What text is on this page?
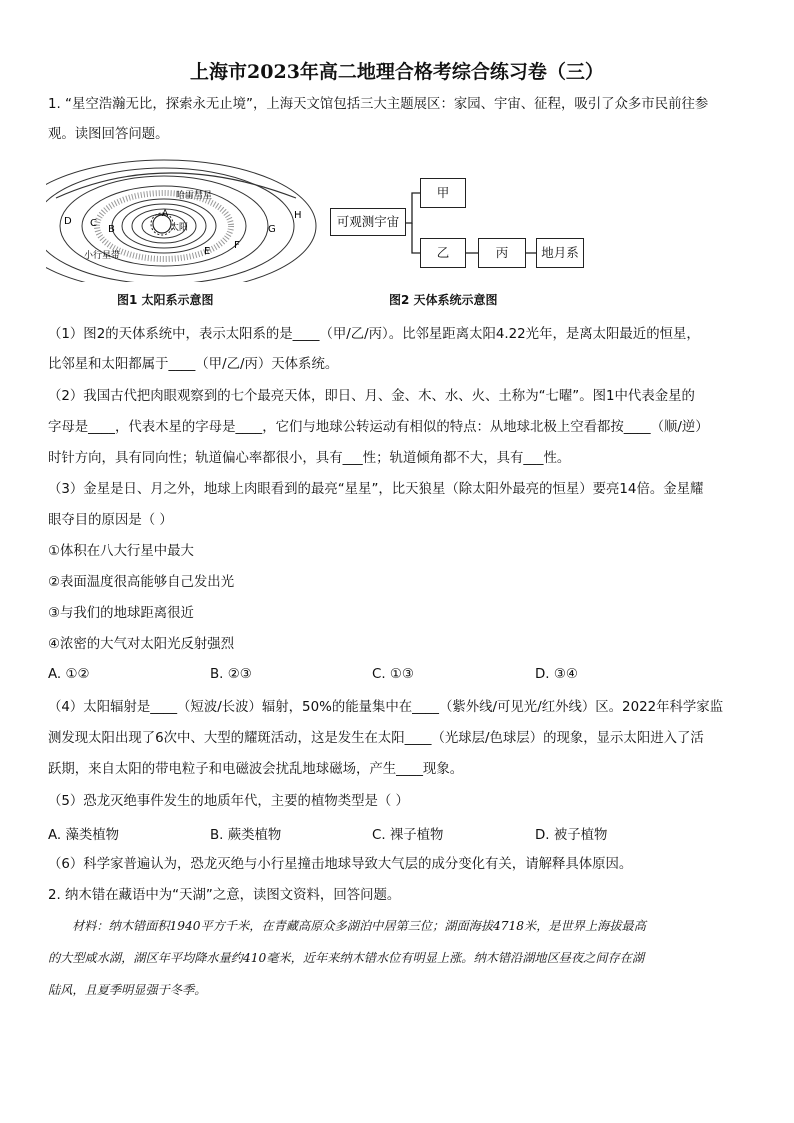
上海市2023年高二地理合格考综合练习卷（三）
1. “星空浩瀚无比，探索永无止境”，上海天文馆包括三大主题展区：家园、宇宙、征程，吸引了众多市民前往参
观。读图回答问题。
太阳
哈雷彗星
小行星带
A
B
C
D
E
F
G
H
图1 太阳系示意图
可观测宇宙
甲
乙	丙	地月系
图2 天体系统示意图
（1）图2的天体系统中，表示太阳系的是____（甲/乙/丙）。比邻星距离太阳4.22光年，是离太阳最近的恒星，
比邻星和太阳都属于____（甲/乙/丙）天体系统。
（2）我国古代把肉眼观察到的七个最亮天体，即日、月、金、木、水、火、土称为“七曜”。图1中代表金星的
字母是____，代表木星的字母是____，它们与地球公转运动有相似的特点：从地球北极上空看都按____（顺/逆）
时针方向，具有同向性；轨道偏心率都很小，具有___性；轨道倾角都不大，具有___性。
（3）金星是日、月之外，地球上肉眼看到的最亮“星星”，比天狼星（除太阳外最亮的恒星）要亮14倍。金星耀
眼夺目的原因是（ ）
①体积在八大行星中最大
②表面温度很高能够自己发出光
③与我们的地球距离很近
④浓密的大气对太阳光反射强烈
A. ①②	B. ②③	C. ①③	D. ③④
（4）太阳辐射是____（短波/长波）辐射，50%的能量集中在____（紫外线/可见光/红外线）区。2022年科学家监
测发现太阳出现了6次中、大型的耀斑活动，这是发生在太阳____（光球层/色球层）的现象，显示太阳进入了活
跃期，来自太阳的带电粒子和电磁波会扰乱地球磁场，产生____现象。
（5）恐龙灭绝事件发生的地质年代，主要的植物类型是（ ）
A. 藻类植物	B. 蕨类植物	C. 裸子植物	D. 被子植物
（6）科学家普遍认为，恐龙灭绝与小行星撞击地球导致大气层的成分变化有关，请解释具体原因。
2. 纳木错在藏语中为“天湖”之意，读图文资料，回答问题。
材料：纳木错面积1940平方千米，在青藏高原众多湖泊中居第三位；湖面海拔4718米，是世界上海拔最高
的大型咸水湖，湖区年平均降水量约410毫米，近年来纳木错水位有明显上涨。纳木错沿湖地区昼夜之间存在湖
陆风，且夏季明显强于冬季。
